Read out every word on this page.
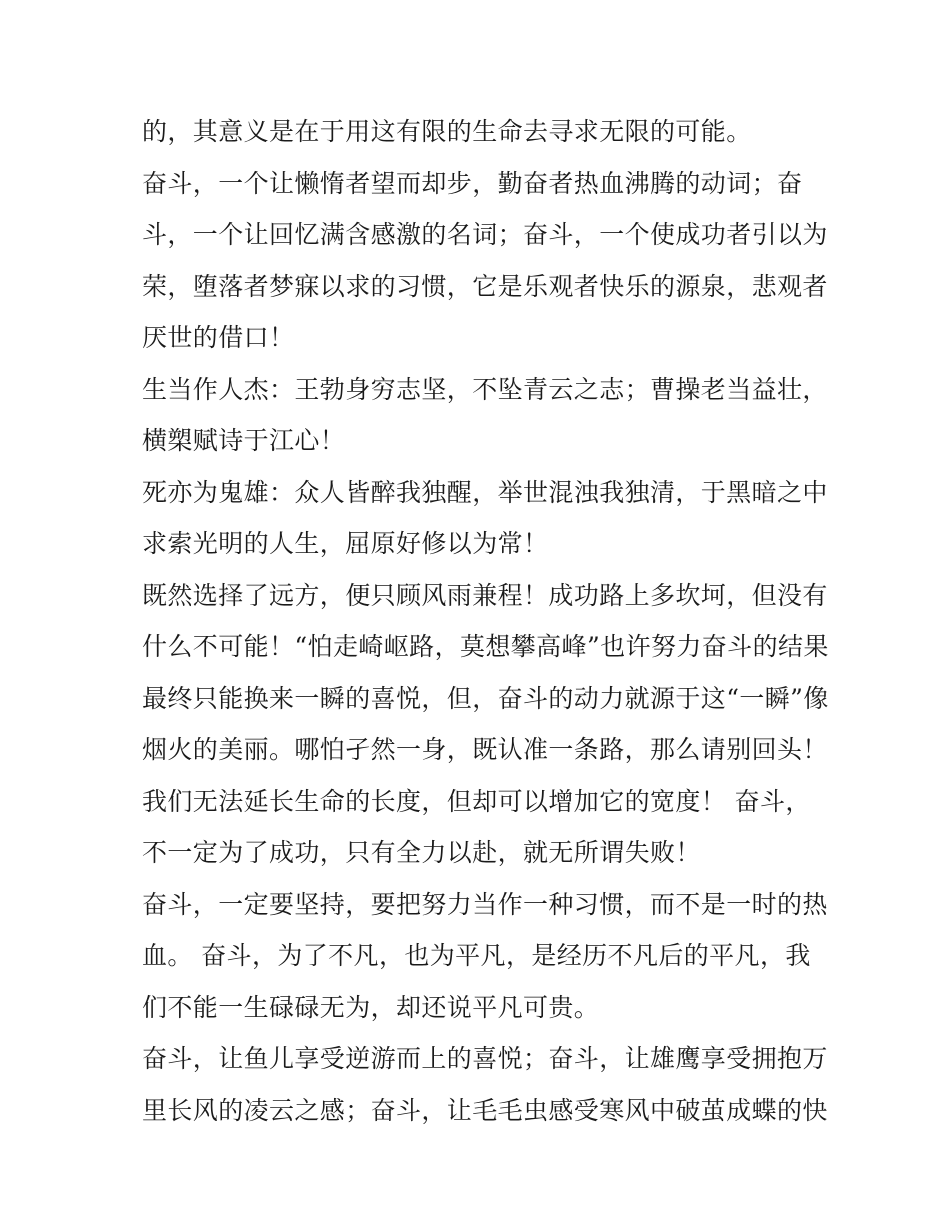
的，其意义是在于用这有限的生命去寻求无限的可能。
奋斗，一个让懒惰者望而却步，勤奋者热血沸腾的动词；奋
斗，一个让回忆满含感激的名词；奋斗，一个使成功者引以为
荣，堕落者梦寐以求的习惯，它是乐观者快乐的源泉，悲观者
厌世的借口！
生当作人杰：王勃身穷志坚，不坠青云之志；曹操老当益壮，
横槊赋诗于江心！
死亦为鬼雄：众人皆醉我独醒，举世混浊我独清，于黑暗之中
求索光明的人生，屈原好修以为常！
既然选择了远方，便只顾风雨兼程！成功路上多坎坷，但没有
什么不可能！“怕走崎岖路，莫想攀高峰”也许努力奋斗的结果
最终只能换来一瞬的喜悦，但，奋斗的动力就源于这“一瞬”像
烟火的美丽。哪怕孑然一身，既认准一条路，那么请别回头！
我们无法延长生命的长度，但却可以增加它的宽度！ 奋斗，
不一定为了成功，只有全力以赴，就无所谓失败！
奋斗，一定要坚持，要把努力当作一种习惯，而不是一时的热
血。 奋斗，为了不凡，也为平凡，是经历不凡后的平凡，我
们不能一生碌碌无为，却还说平凡可贵。
奋斗，让鱼儿享受逆游而上的喜悦；奋斗，让雄鹰享受拥抱万
里长风的凌云之感；奋斗，让毛毛虫感受寒风中破茧成蝶的快
